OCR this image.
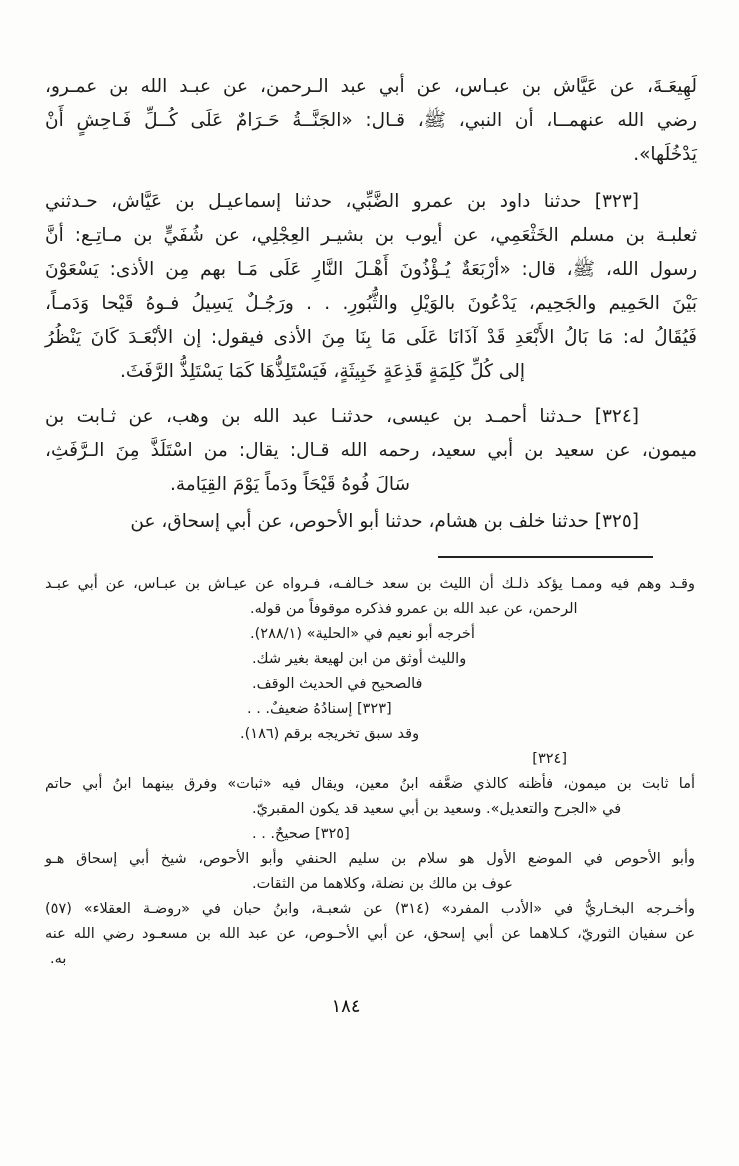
لَهِيعَـةَ، عن عَيَّاش بن عبـاس، عن أبي عبد الـرحمن، عن عبـد الله بن عمـرو،
رضي الله عنهمــا، أن النبي، ﷺ، قـال: «الجَنَّــةُ حَـرَامٌ عَلَى كُــلِّ فَـاحِشٍ أَنْ
يَدْخُلَها».
[٣٢٣] حدثنا داود بن عمرو الضَّبِّي، حدثنا إسماعيـل بن عَيَّاش، حـدثني
ثعلبـة بن مسلم الخَثْعَمِي، عن أيوب بن بشيـر العِجْلِي، عن شُفَيٍّ بن مـاتِـع: أنَّ
رسول الله، ﷺ، قال: «أرْبَعَةٌ يُـؤْذُونَ أَهْـلَ النَّارِ عَلَى مَـا بهم مِن الأذى: يَسْعَوْنَ
بَيْنَ الحَمِيم والجَحِيم، يَدْعُونَ بالوَيْلِ والثُّبُورِ. . . ورَجُـلٌ يَسِيلُ فـوهُ قَيْحا وَدَمـاً،
فَيُقَالُ له: مَا بَالُ الأَبْعَدِ قَدْ آذَانَا عَلَى مَا بِنَا مِنَ الأذى فيقول: إن الأبْعَـدَ كَانَ يَنْظُرُ
إلى كُلِّ كَلِمَةٍ قَذِعَةٍ خَبِيثَةٍ، فَيَسْتَلِذُّهَا كَمَا يَسْتَلِذُّ الرَّفَثَ.
[٣٢٤] حـدثنا أحمـد بن عيسى، حدثنـا عبد الله بن وهب، عن ثـابت بن
ميمون، عن سعيد بن أبي سعيد، رحمه الله قـال: يقال: من اسْتَلَذَّ مِنَ الـرَّفَثِ،
سَالَ فُوهُ قَيْحَاً ودَماً يَوْمَ القِيَامة.
[٣٢٥] حدثنا خلف بن هشام، حدثنا أبو الأحوص، عن أبي إسحاق، عن
وقـد وهم فيه وممـا يؤكد ذلـك أن الليث بن سعد خـالفـه، فـرواه عن عيـاش بن عبـاس، عن أبي عبـد
الرحمن، عن عبد الله بن عمرو فذكره موقوفاً من قوله.
أخرجه أبو نعيم في «الحلية» (٢٨٨/١).
والليث أوثق من ابن لهيعة بغير شك.
فالصحيح في الحديث الوقف.
[٣٢٣] إسنادُهُ ضعيفٌ. . .
وقد سبق تخريجه برقم (١٨٦).
[٣٢٤]
أما ثابت بن ميمون، فأظنه كالذي ضعَّفه ابنُ معين، ويقال فيه «ثبات» وفرق بينهما ابنُ أبي حاتم
في «الجرح والتعديل». وسعيد بن أبي سعيد قد يكون المقبريّ.
[٣٢٥] صحيحٌ. . .
وأبو الأحوص في الموضع الأول هو سلام بن سليم الحنفي وأبو الأحوص، شيخ أبي إسحاق هـو
عوف بن مالك بن نضلة، وكلاهما من الثقات.
وأخـرجه البخـاريُّ في «الأدب المفرد» (٣١٤) عن شعبـة، وابنُ حبان في «روضـة العقلاء» (٥٧)
عن سفيان الثوريّ، كـلاهما عن أبي إسحق، عن أبي الأحـوص، عن عبد الله بن مسعـود رضي الله عنه
به.
١٨٤
